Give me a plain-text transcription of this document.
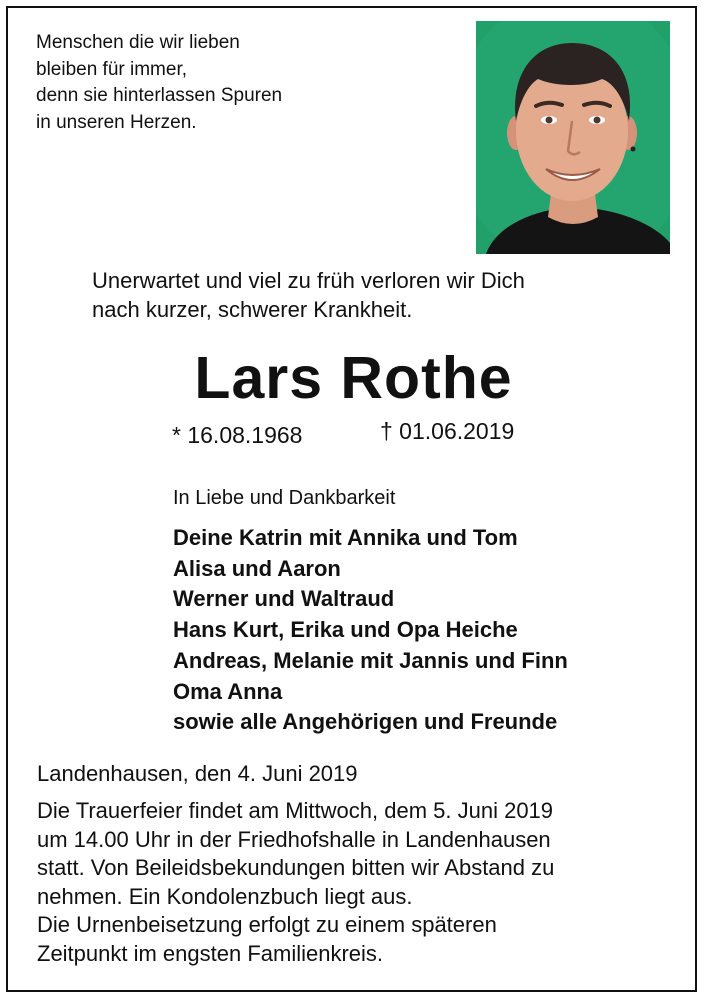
Menschen die wir lieben
bleiben für immer,
denn sie hinterlassen Spuren
in unseren Herzen.

Unerwartet und viel zu früh verloren wir Dich
nach kurzer, schwerer Krankheit.

Lars Rothe
* 16.08.1968	† 01.06.2019

In Liebe und Dankbarkeit

Deine Katrin mit Annika und Tom
Alisa und Aaron
Werner und Waltraud
Hans Kurt, Erika und Opa Heiche
Andreas, Melanie mit Jannis und Finn
Oma Anna
sowie alle Angehörigen und Freunde

Landenhausen, den 4. Juni 2019

Die Trauerfeier findet am Mittwoch, dem 5. Juni 2019
um 14.00 Uhr in der Friedhofshalle in Landenhausen
statt. Von Beileidsbekundungen bitten wir Abstand zu
nehmen. Ein Kondolenzbuch liegt aus.
Die Urnenbeisetzung erfolgt zu einem späteren
Zeitpunkt im engsten Familienkreis.
